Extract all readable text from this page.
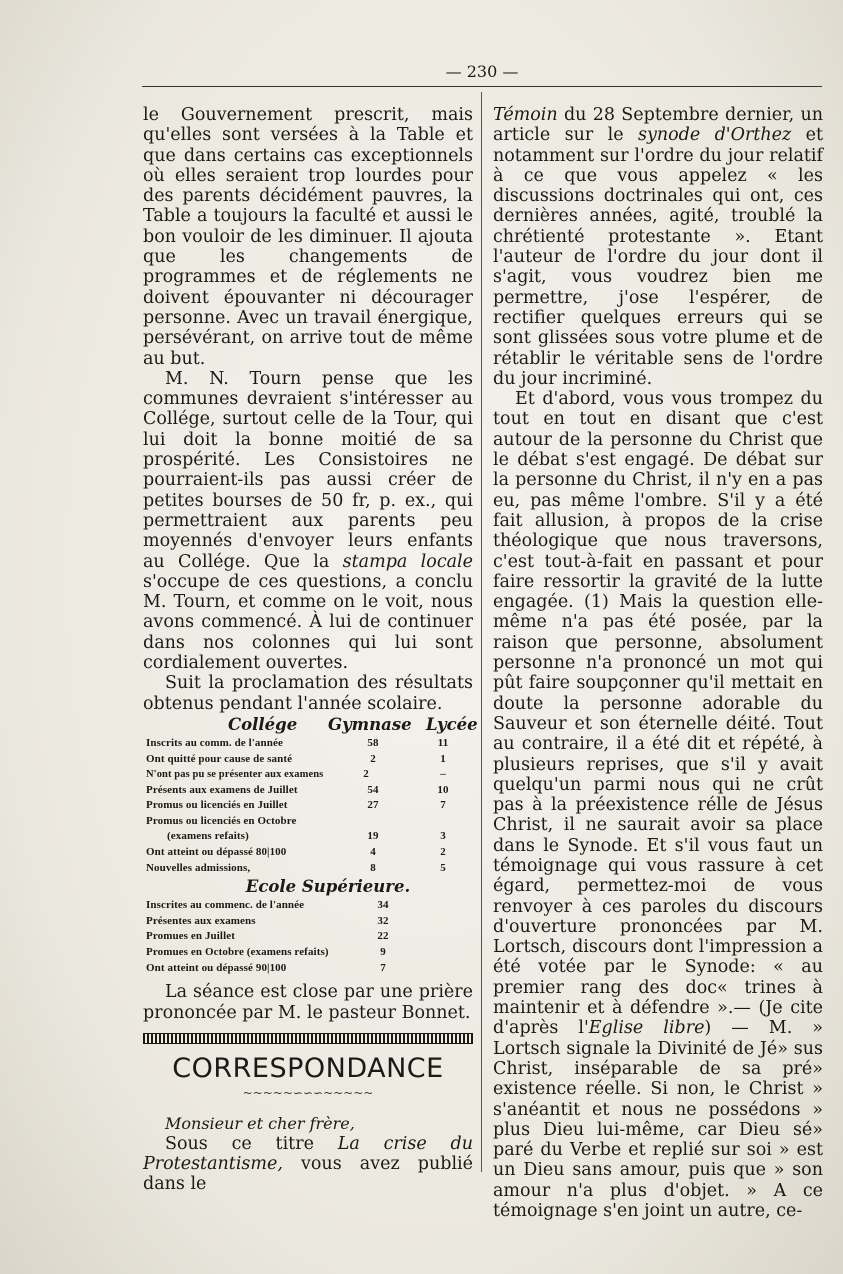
— 230 —

le Gouvernement prescrit, mais qu'elles sont versées à la Table et que dans certains cas exceptionnels où elles seraient trop lourdes pour des parents décidément pauvres, la Table a toujours la faculté et aussi le bon vouloir de les diminuer. Il ajouta que les changements de programmes et de réglements ne doivent épouvanter ni décourager personne. Avec un travail énergique, persévérant, on arrive tout de même au but.

M. N. Tourn pense que les communes devraient s'intéresser au Collége, surtout celle de la Tour, qui lui doit la bonne moitié de sa prospérité. Les Consistoires ne pourraient-ils pas aussi créer de petites bourses de 50 fr, p. ex., qui permettraient aux parents peu moyennés d'envoyer leurs enfants au Collége. Que la stampa locale s'occupe de ces questions, a conclu M. Tourn, et comme on le voit, nous avons commencé. À lui de continuer dans nos colonnes qui lui sont cordialement ouvertes.

Suit la proclamation des résultats obtenus pendant l'année scolaire.

Collége Gymnase Lycée
Inscrits au comm. de l'année	58	11
Ont quitté pour cause de santé	2	1
N'ont pas pu se présenter aux examens	2	–
Présents aux examens de Juillet	54	10
Promus ou licenciés en Juillet	27	7
Promus ou licenciés en Octobre
(examens refaits)	19	3
Ont atteint ou dépassé 80|100	4	2
Nouvelles admissions,	8	5
Ecole Supérieure.
Inscrites au commenc. de l'année	34
Présentes aux examens	32
Promues en Juillet	22
Promues en Octobre (examens refaits)	9
Ont atteint ou dépassé 90|100	7

La séance est close par une prière prononcée par M. le pasteur Bonnet.

CORRESPONDANCE
~~~~~∽∽∽~~~~~
Monsieur et cher frère,

Sous ce titre La crise du Protestantisme, vous avez publié dans le

Témoin du 28 Septembre dernier, un article sur le synode d'Orthez et notamment sur l'ordre du jour relatif à ce que vous appelez « les discussions doctrinales qui ont, ces dernières années, agité, troublé la chrétienté protestante ». Etant l'auteur de l'ordre du jour dont il s'agit, vous voudrez bien me permettre, j'ose l'espérer, de rectifier quelques erreurs qui se sont glissées sous votre plume et de rétablir le véritable sens de l'ordre du jour incriminé.

Et d'abord, vous vous trompez du tout en tout en disant que c'est autour de la personne du Christ que le débat s'est engagé. De débat sur la personne du Christ, il n'y en a pas eu, pas même l'ombre. S'il y a été fait allusion, à propos de la crise théologique que nous traversons, c'est tout-à-fait en passant et pour faire ressortir la gravité de la lutte engagée. (1) Mais la question elle-même n'a pas été posée, par la raison que personne, absolument personne n'a prononcé un mot qui pût faire soupçonner qu'il mettait en doute la personne adorable du Sauveur et son éternelle déité. Tout au contraire, il a été dit et répété, à plusieurs reprises, que s'il y avait quelqu'un parmi nous qui ne crût pas à la préexistence rélle de Jésus Christ, il ne saurait avoir sa place dans le Synode. Et s'il vous faut un témoignage qui vous rassure à cet égard, permettez-moi de vous renvoyer à ces paroles du discours d'ouverture prononcées par M. Lortsch, discours dont l'impression a été votée par le Synode: « au premier rang des doc« trines à maintenir et à défendre ».— (Je cite d'après l'Eglise libre) — M. » Lortsch signale la Divinité de Jé» sus Christ, inséparable de sa pré» existence réelle. Si non, le Christ » s'anéantit et nous ne possédons » plus Dieu lui-même, car Dieu sé» paré du Verbe et replié sur soi » est un Dieu sans amour, puis que » son amour n'a plus d'objet. » A ce témoignage s'en joint un autre, ce-
